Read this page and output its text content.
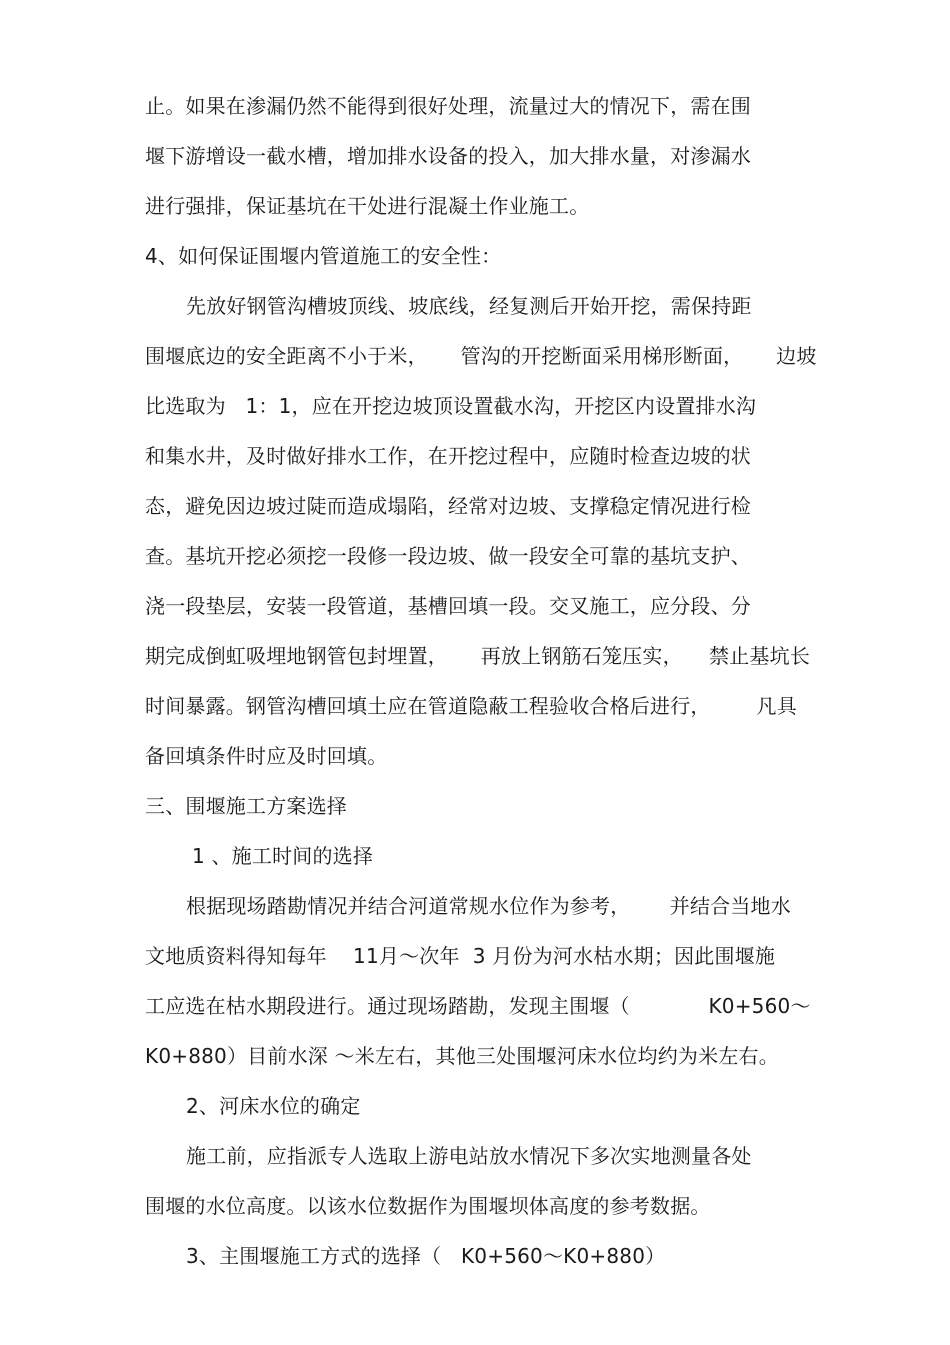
止。如果在渗漏仍然不能得到很好处理，流量过大的情况下，需在围
堰下游增设一截水槽，增加排水设备的投入，加大排水量，对渗漏水
进行强排，保证基坑在干处进行混凝土作业施工。
4、如何保证围堰内管道施工的安全性：
先放好钢管沟槽坡顶线、坡底线，经复测后开始开挖，需保持距
围堰底边的安全距离不小于米，     管沟的开挖断面采用梯形断面，     边坡
比选取为   1：1，应在开挖边坡顶设置截水沟，开挖区内设置排水沟
和集水井，及时做好排水工作，在开挖过程中，应随时检查边坡的状
态，避免因边坡过陡而造成塌陷，经常对边坡、支撑稳定情况进行检
查。基坑开挖必须挖一段修一段边坡、做一段安全可靠的基坑支护、
浇一段垫层，安装一段管道，基槽回填一段。交叉施工，应分段、分
期完成倒虹吸埋地钢管包封埋置，     再放上钢筋石笼压实，    禁止基坑长
时间暴露。钢管沟槽回填土应在管道隐蔽工程验收合格后进行，       凡具
备回填条件时应及时回填。
三、围堰施工方案选择
1 、施工时间的选择
根据现场踏勘情况并结合河道常规水位作为参考，      并结合当地水
文地质资料得知每年    11月～次年  3 月份为河水枯水期；因此围堰施
工应选在枯水期段进行。通过现场踏勘，发现主围堰（            K0+560～
K0+880）目前水深 ～米左右，其他三处围堰河床水位均约为米左右。
2、河床水位的确定
施工前，应指派专人选取上游电站放水情况下多次实地测量各处
围堰的水位高度。以该水位数据作为围堰坝体高度的参考数据。
3、主围堰施工方式的选择（   K0+560～K0+880）
